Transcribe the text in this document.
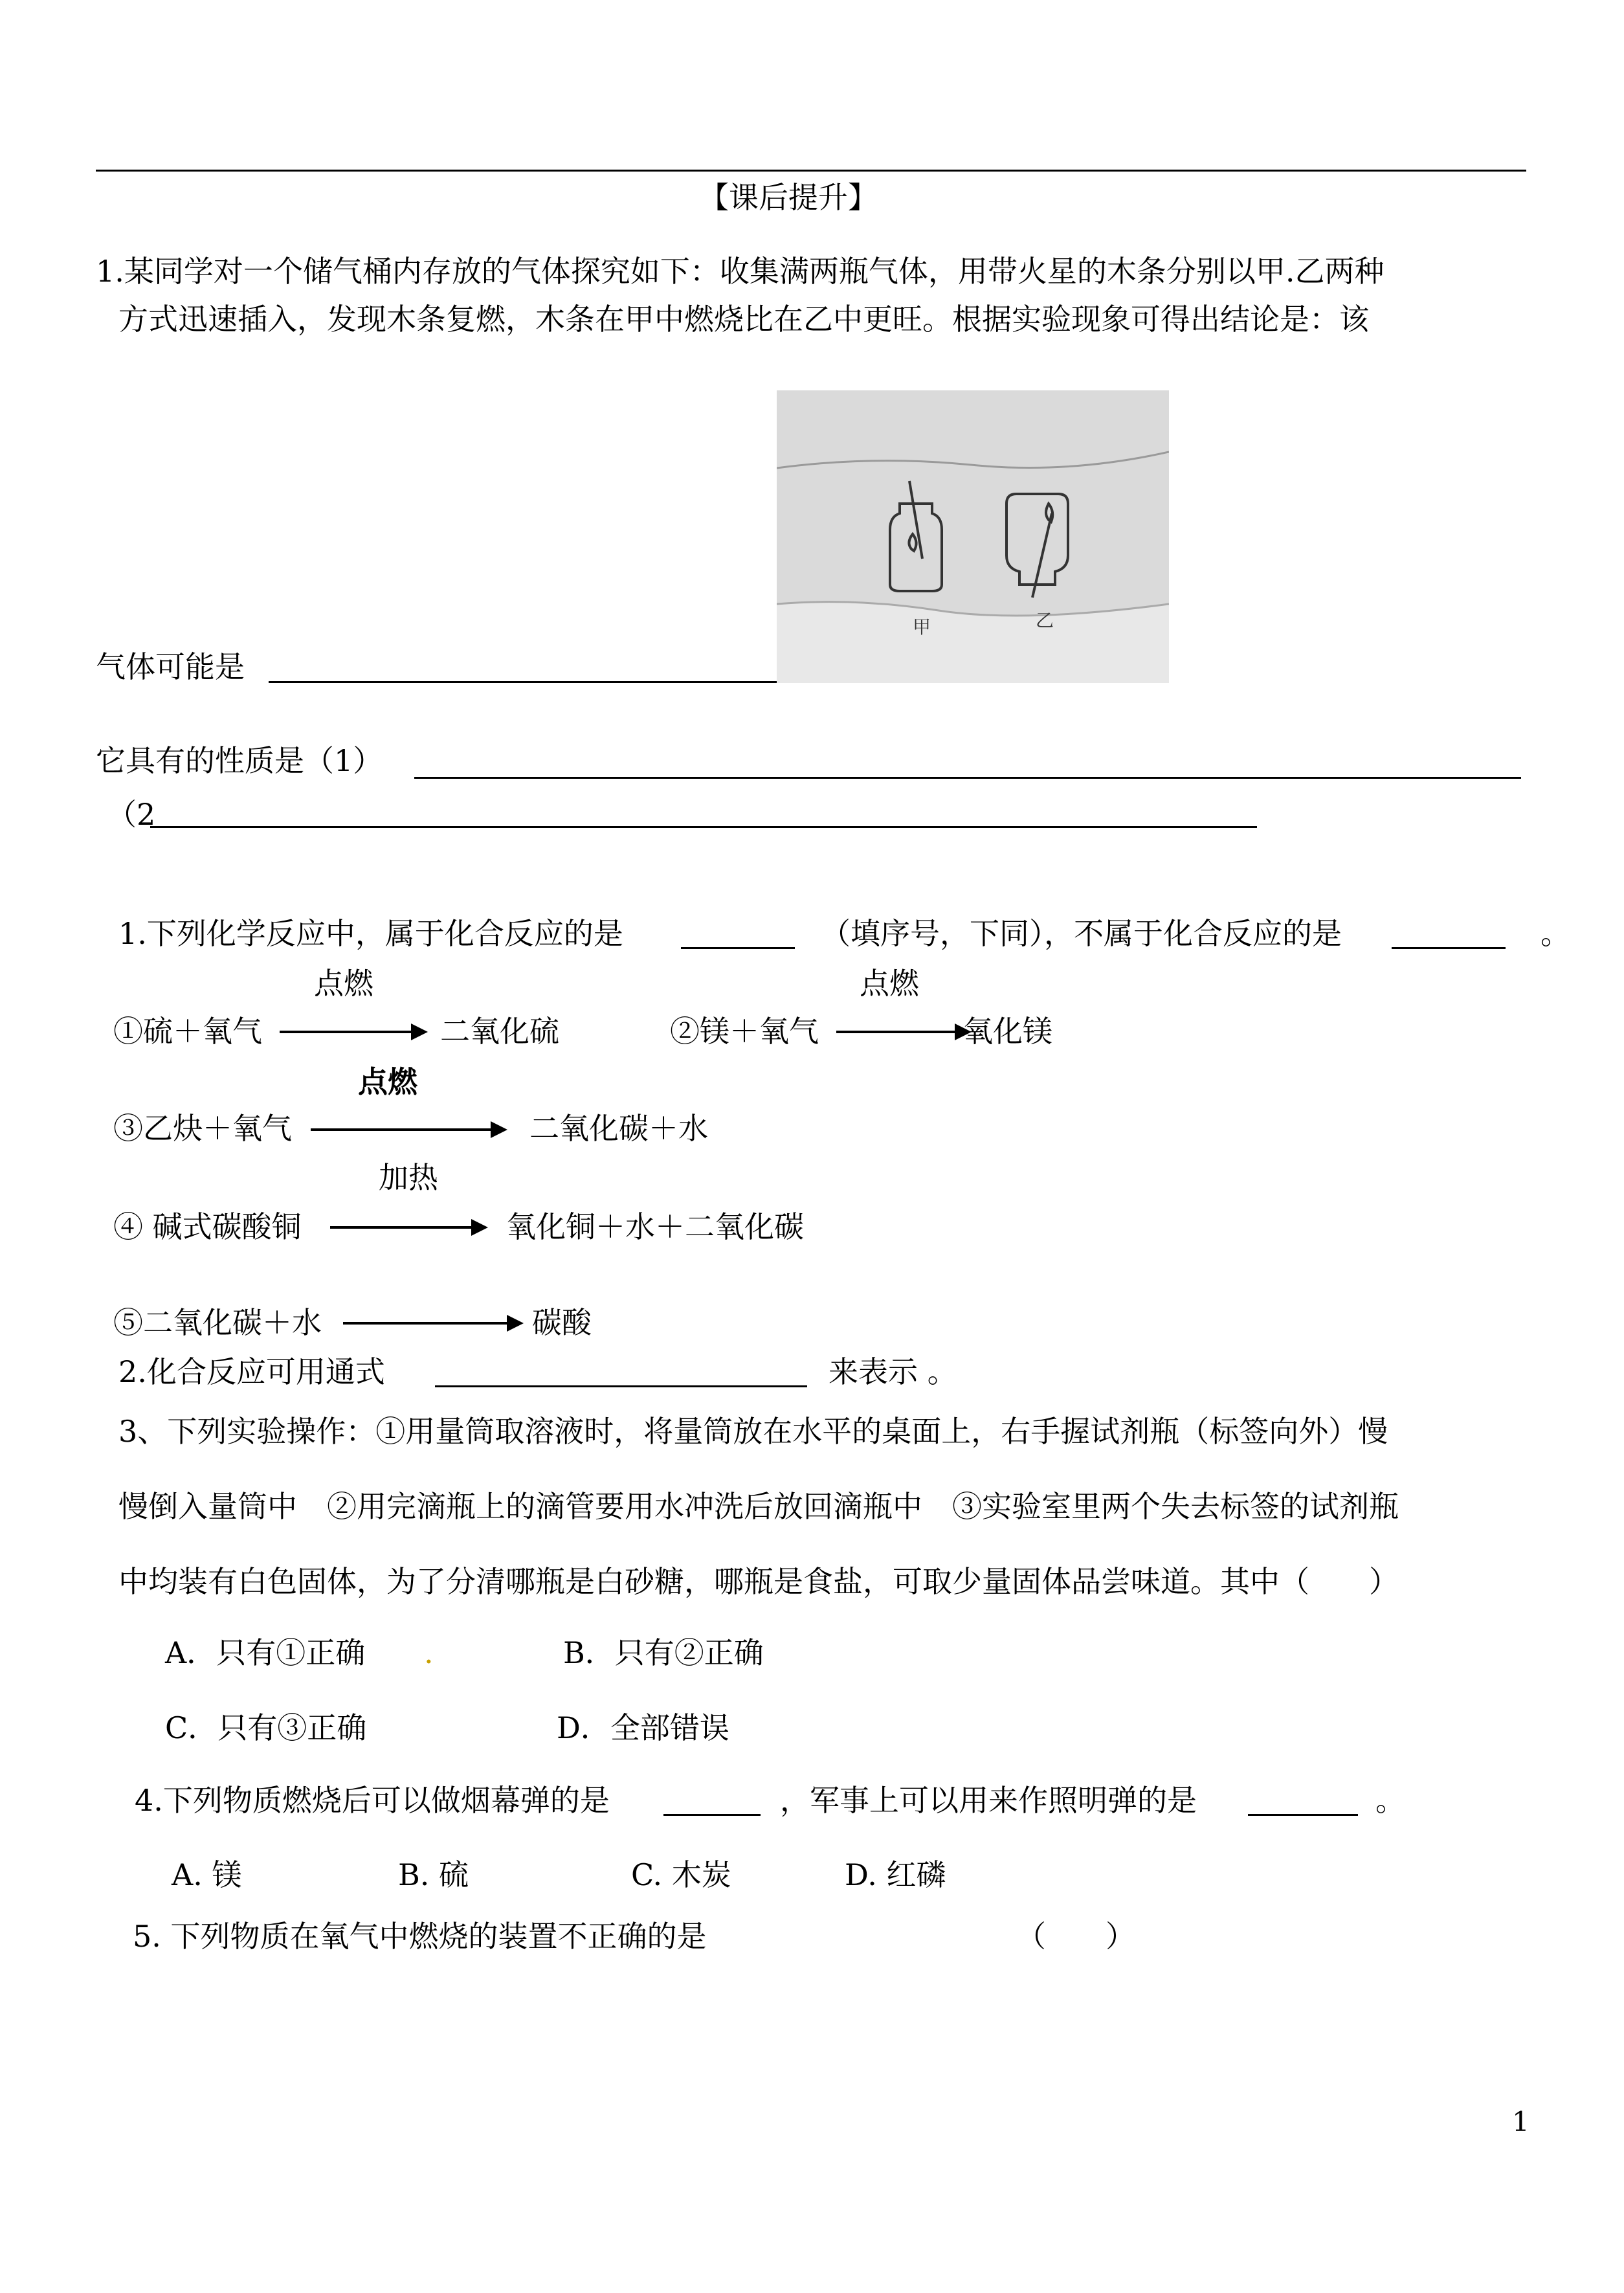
【课后提升】
1.某同学对一个储气桶内存放的气体探究如下：收集满两瓶气体，用带火星的木条分别以甲.乙两种
方式迅速插入，发现木条复燃，木条在甲中燃烧比在乙中更旺。根据实验现象可得出结论是：该
甲	乙
气体可能是
它具有的性质是（1）
（2
1.下列化学反应中，属于化合反应的是	（填序号，下同），不属于化合反应的是	。
点燃	点燃
①硫＋氧气	二氧化硫	②镁＋氧气	氧化镁
点燃
③乙炔＋氧气	二氧化碳＋水
加热
④ 碱式碳酸铜	氧化铜＋水＋二氧化碳
⑤二氧化碳＋水	碳酸
2.化合反应可用通式	来表示 。
3、下列实验操作：①用量筒取溶液时，将量筒放在水平的桌面上，右手握试剂瓶（标签向外）慢
慢倒入量筒中　②用完滴瓶上的滴管要用水冲洗后放回滴瓶中　③实验室里两个失去标签的试剂瓶
中均装有白色固体，为了分清哪瓶是白砂糖，哪瓶是食盐，可取少量固体品尝味道。其中（　　）
A．只有①正确 .	B．只有②正确
C．只有③正确	D．全部错误
4.下列物质燃烧后可以做烟幕弹的是	，军事上可以用来作照明弹的是	。
A. 镁	B. 硫	C. 木炭	D. 红磷
5. 下列物质在氧气中燃烧的装置不正确的是	（　　）
1
